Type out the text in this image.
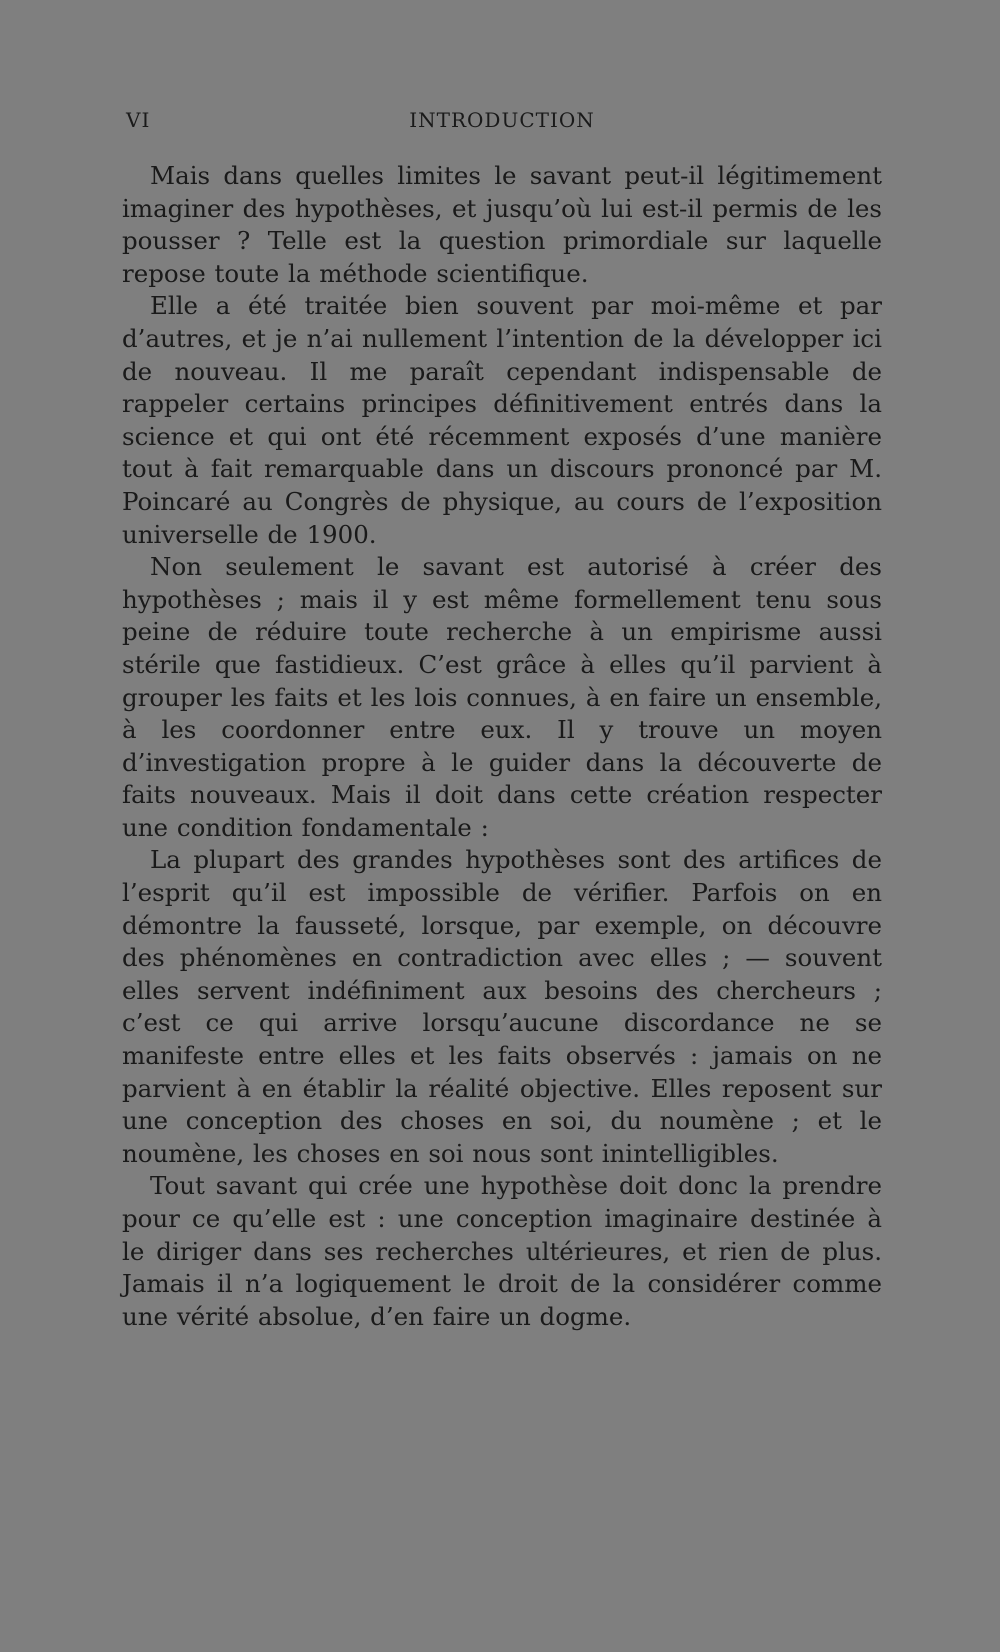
VI	INTRODUCTION

Mais dans quelles limites le savant peut-il légitimement imaginer des hypothèses, et jusqu’où lui est-il permis de les pousser ? Telle est la question primordiale sur laquelle repose toute la méthode scientifique.

Elle a été traitée bien souvent par moi-même et par d’autres, et je n’ai nullement l’intention de la développer ici de nouveau. Il me paraît cependant indispensable de rappeler certains principes définitivement entrés dans la science et qui ont été récemment exposés d’une manière tout à fait remarquable dans un discours prononcé par M. Poincaré au Congrès de physique, au cours de l’exposition universelle de 1900.

Non seulement le savant est autorisé à créer des hypothèses ; mais il y est même formellement tenu sous peine de réduire toute recherche à un empirisme aussi stérile que fastidieux. C’est grâce à elles qu’il parvient à grouper les faits et les lois connues, à en faire un ensemble, à les coordonner entre eux. Il y trouve un moyen d’investigation propre à le guider dans la découverte de faits nouveaux. Mais il doit dans cette création respecter une condition fondamentale :

La plupart des grandes hypothèses sont des artifices de l’esprit qu’il est impossible de vérifier. Parfois on en démontre la fausseté, lorsque, par exemple, on découvre des phénomènes en contradiction avec elles ; — souvent elles servent indéfiniment aux besoins des chercheurs ; c’est ce qui arrive lorsqu’aucune discordance ne se manifeste entre elles et les faits observés : jamais on ne parvient à en établir la réalité objective. Elles reposent sur une conception des choses en soi, du noumène ; et le noumène, les choses en soi nous sont inintelligibles.

Tout savant qui crée une hypothèse doit donc la prendre pour ce qu’elle est : une conception imaginaire destinée à le diriger dans ses recherches ultérieures, et rien de plus. Jamais il n’a logiquement le droit de la considérer comme une vérité absolue, d’en faire un dogme.
